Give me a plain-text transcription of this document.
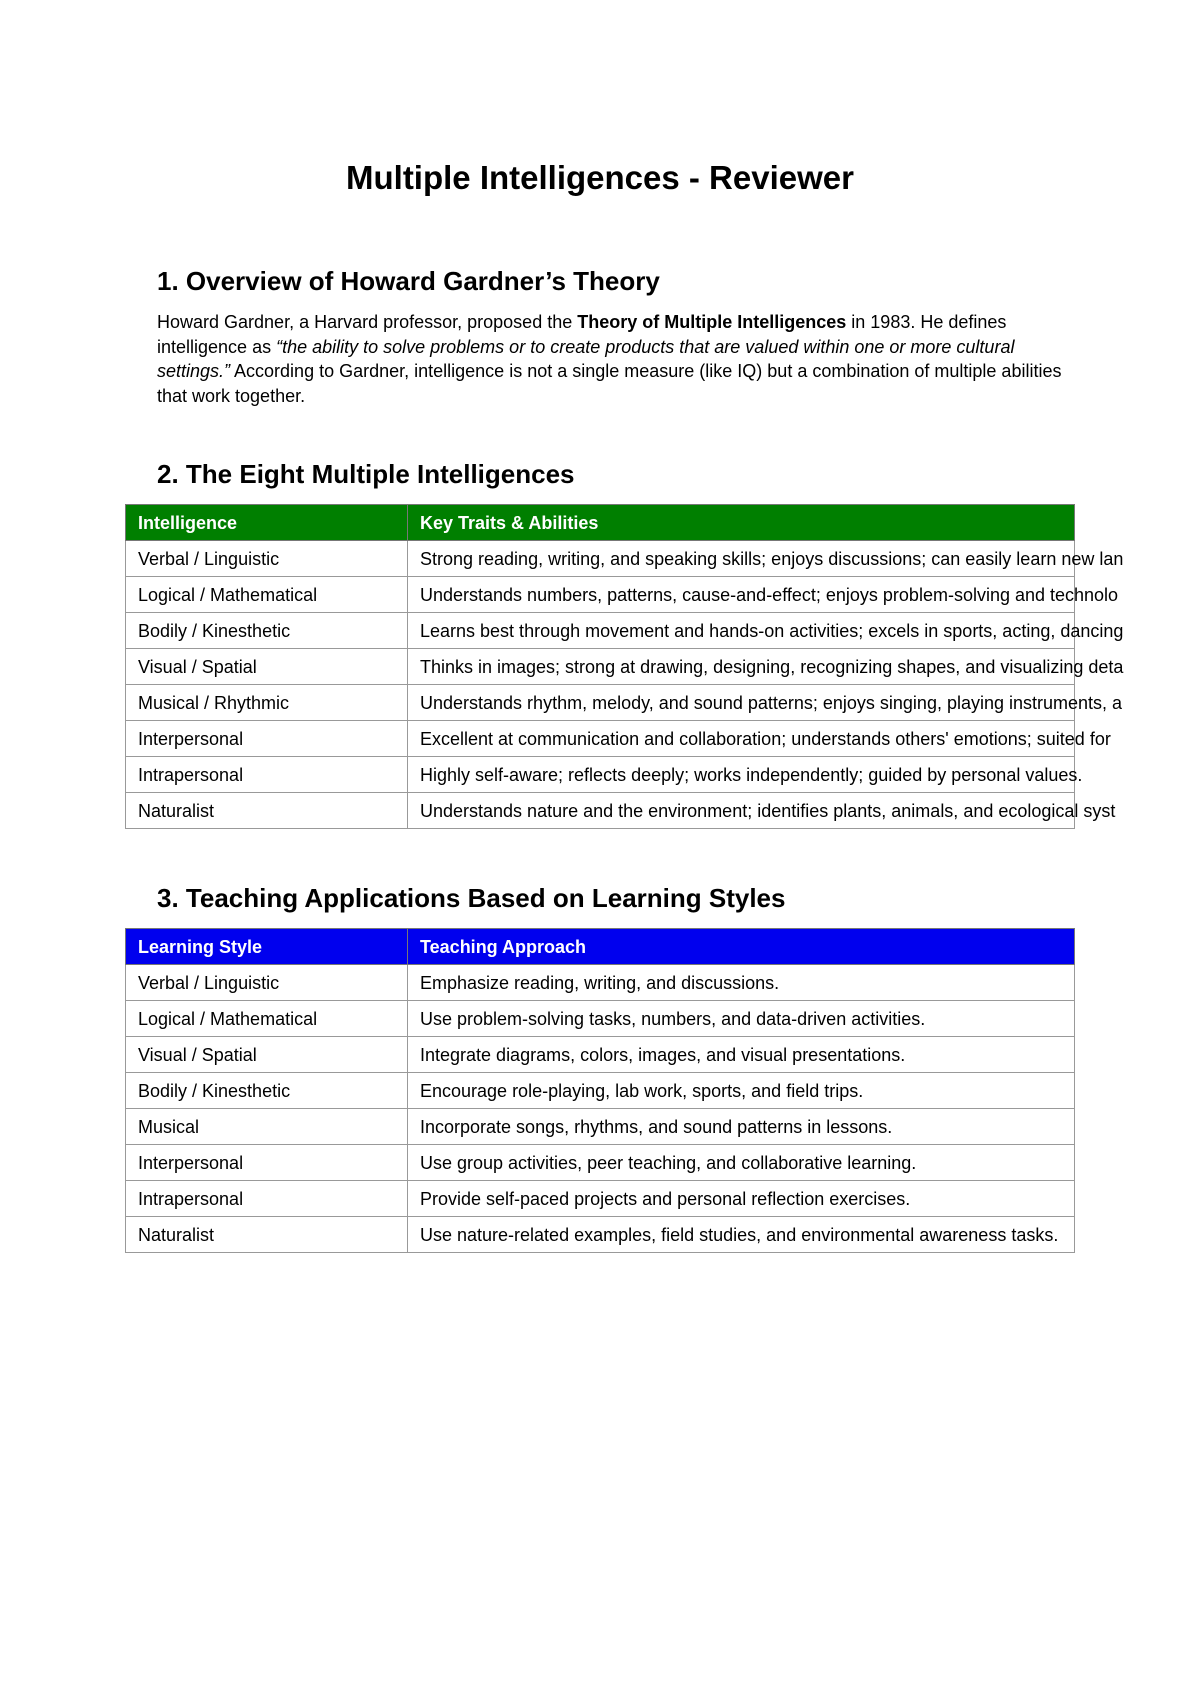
Multiple Intelligences - Reviewer
1. Overview of Howard Gardner’s Theory

Howard Gardner, a Harvard professor, proposed the Theory of Multiple Intelligences in 1983. He defines intelligence as “the ability to solve problems or to create products that are valued within one or more cultural settings.” According to Gardner, intelligence is not a single measure (like IQ) but a combination of multiple abilities that work together.

2. The Eight Multiple Intelligences
Intelligence	Key Traits & Abilities
Verbal / Linguistic	Strong reading, writing, and speaking skills; enjoys discussions; can easily learn new lan
Logical / Mathematical	Understands numbers, patterns, cause-and-effect; enjoys problem-solving and technolo
Bodily / Kinesthetic	Learns best through movement and hands-on activities; excels in sports, acting, dancing
Visual / Spatial	Thinks in images; strong at drawing, designing, recognizing shapes, and visualizing deta
Musical / Rhythmic	Understands rhythm, melody, and sound patterns; enjoys singing, playing instruments, a
Interpersonal	Excellent at communication and collaboration; understands others' emotions; suited for
Intrapersonal	Highly self-aware; reflects deeply; works independently; guided by personal values.
Naturalist	Understands nature and the environment; identifies plants, animals, and ecological syst
3. Teaching Applications Based on Learning Styles
Learning Style	Teaching Approach
Verbal / Linguistic	Emphasize reading, writing, and discussions.
Logical / Mathematical	Use problem-solving tasks, numbers, and data-driven activities.
Visual / Spatial	Integrate diagrams, colors, images, and visual presentations.
Bodily / Kinesthetic	Encourage role-playing, lab work, sports, and field trips.
Musical	Incorporate songs, rhythms, and sound patterns in lessons.
Interpersonal	Use group activities, peer teaching, and collaborative learning.
Intrapersonal	Provide self-paced projects and personal reflection exercises.
Naturalist	Use nature-related examples, field studies, and environmental awareness tasks.
